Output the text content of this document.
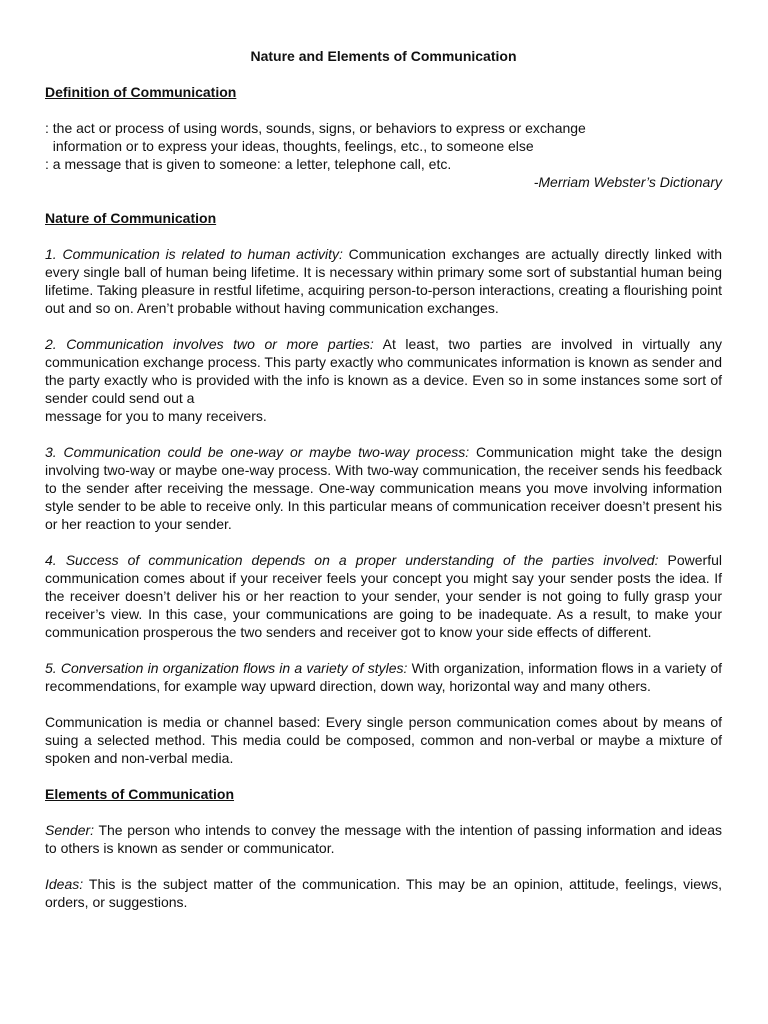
Nature and Elements of Communication
Definition of Communication

: the act or process of using words, sounds, signs, or behaviors to express or exchange

information or to express your ideas, thoughts, feelings, etc., to someone else

: a message that is given to someone: a letter, telephone call, etc.

-Merriam Webster’s Dictionary
Nature of Communication
1. Communication is related to human activity: Communication exchanges are actually directly linked with every single ball of human being lifetime. It is necessary within primary some sort of substantial human being lifetime. Taking pleasure in restful lifetime, acquiring person-to-person interactions, creating a flourishing point out and so on. Aren’t probable without having communication exchanges.
2. Communication involves two or more parties: At least, two parties are involved in virtually any communication exchange process. This party exactly who communicates information is known as sender and the party exactly who is provided with the info is known as a device. Even so in some instances some sort of sender could send out a
message for you to many receivers.
3. Communication could be one-way or maybe two-way process: Communication might take the design involving two-way or maybe one-way process. With two-way communication, the receiver sends his feedback to the sender after receiving the message. One-way communication means you move involving information style sender to be able to receive only. In this particular means of communication receiver doesn’t present his or her reaction to your sender.
4. Success of communication depends on a proper understanding of the parties involved: Powerful communication comes about if your receiver feels your concept you might say your sender posts the idea. If the receiver doesn’t deliver his or her reaction to your sender, your sender is not going to fully grasp your receiver’s view. In this case, your communications are going to be inadequate. As a result, to make your communication prosperous the two senders and receiver got to know your side effects of different.
5. Conversation in organization flows in a variety of styles: With organization, information flows in a variety of recommendations, for example way upward direction, down way, horizontal way and many others.
Communication is media or channel based: Every single person communication comes about by means of suing a selected method. This media could be composed, common and non-verbal or maybe a mixture of spoken and non-verbal media.
Elements of Communication
Sender: The person who intends to convey the message with the intention of passing information and ideas to others is known as sender or communicator.
Ideas: This is the subject matter of the communication. This may be an opinion, attitude, feelings, views, orders, or suggestions.
